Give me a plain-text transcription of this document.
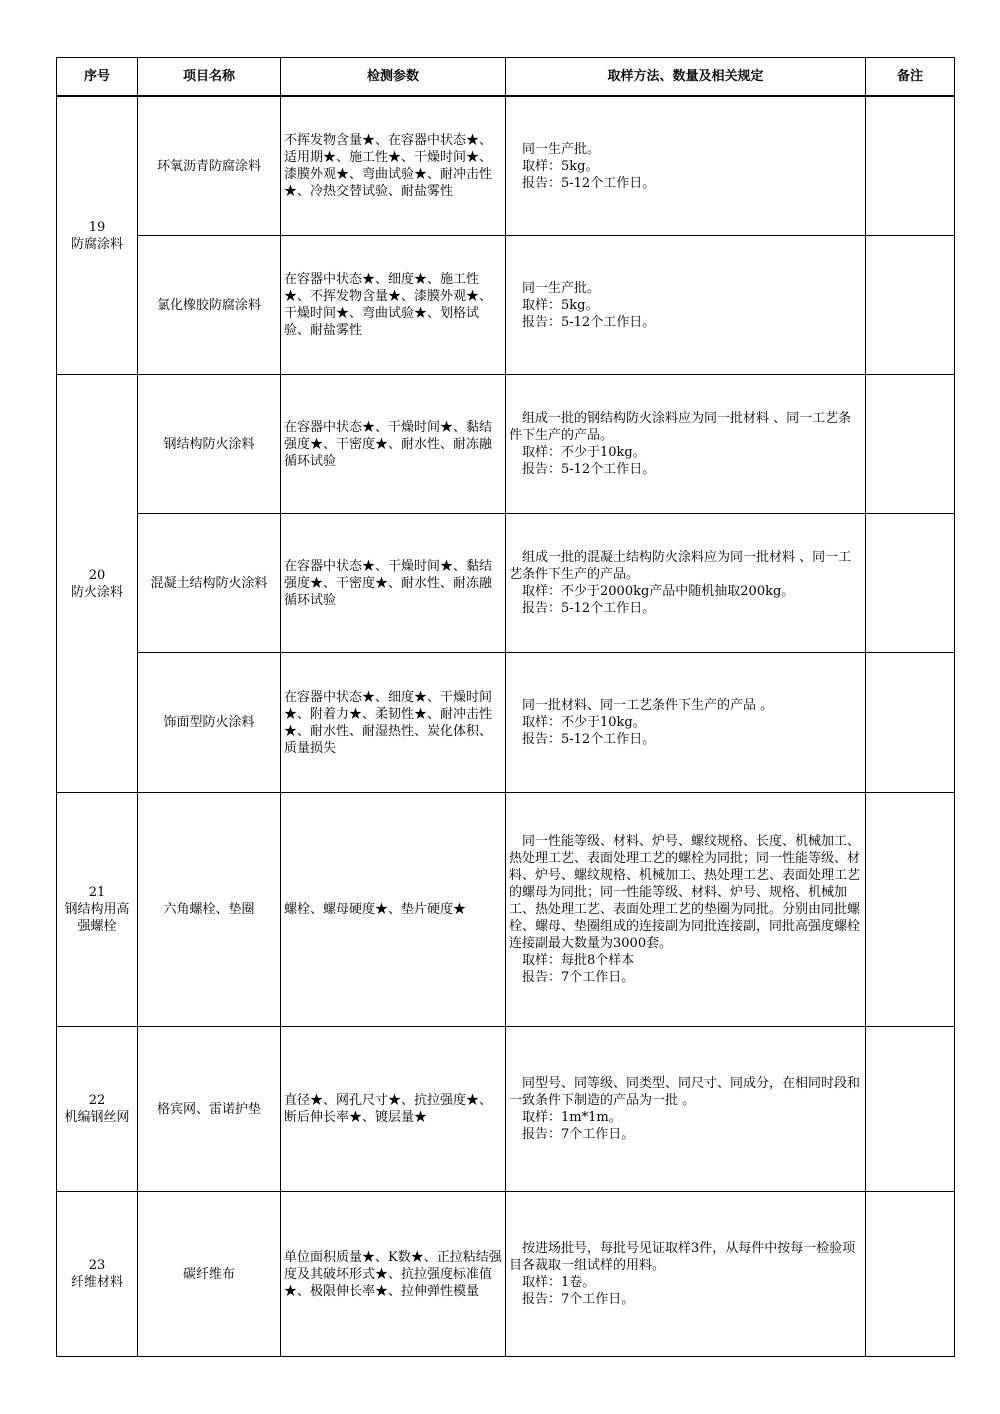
序号	项目名称	检测参数	取样方法、数量及相关规定	备注

19
防腐涂料	环氧沥青防腐涂料	不挥发物含量★、在容器中状态★、适用期★、施工性★、干燥时间★、漆膜外观★、弯曲试验★、耐冲击性★、冷热交替试验、耐盐雾性	　同一生产批。
　取样：5kg。
　报告：5-12个工作日。	
	氯化橡胶防腐涂料	在容器中状态★、细度★、施工性★、不挥发物含量★、漆膜外观★、干燥时间★、弯曲试验★、划格试验、耐盐雾性	　同一生产批。
　取样：5kg。
　报告：5-12个工作日。	

20
防火涂料	钢结构防火涂料	在容器中状态★、干燥时间★、黏结强度★、干密度★、耐水性、耐冻融循环试验	　组成一批的钢结构防火涂料应为同一批材料 、同一工艺条件下生产的产品。
　取样：不少于10kg。
　报告：5-12个工作日。	
	混凝土结构防火涂料	在容器中状态★、干燥时间★、黏结强度★、干密度★、耐水性、耐冻融循环试验	　组成一批的混凝土结构防火涂料应为同一批材料 、同一工艺条件下生产的产品。
　取样：不少于2000kg产品中随机抽取200kg。
　报告：5-12个工作日。	
	饰面型防火涂料	在容器中状态★、细度★、干燥时间★、附着力★、柔韧性★、耐冲击性★、耐水性、耐湿热性、炭化体积、质量损失	　同一批材料、同一工艺条件下生产的产品 。
　取样：不少于10kg。
　报告：5-12个工作日。	

21
钢结构用高强螺栓	六角螺栓、垫圈	螺栓、螺母硬度★、垫片硬度★	　同一性能等级、材料、炉号、螺纹规格、长度、机械加工、热处理工艺、表面处理工艺的螺栓为同批；同一性能等级、材料、炉号、螺纹规格、机械加工、热处理工艺、表面处理工艺的螺母为同批；同一性能等级、材料、炉号、规格、机械加工、热处理工艺、表面处理工艺的垫圈为同批。分别由同批螺栓、螺母、垫圈组成的连接副为同批连接副，同批高强度螺栓连接副最大数量为3000套。
　取样：每批8个样本
　报告：7个工作日。	

22
机编钢丝网	格宾网、雷诺护垫	直径★、网孔尺寸★、抗拉强度★、断后伸长率★、镀层量★	　同型号、同等级、同类型、同尺寸、同成分，在相同时段和一致条件下制造的产品为一批 。
　取样：1m*1m。
　报告：7个工作日。	

23
纤维材料	碳纤维布	单位面积质量★、K数★、正拉粘结强度及其破坏形式★、抗拉强度标准值★、极限伸长率★、拉伸弹性模量	　按进场批号，每批号见证取样3件，从每件中按每一检验项目各裁取一组试样的用料。
　取样：1卷。
　报告：7个工作日。	
